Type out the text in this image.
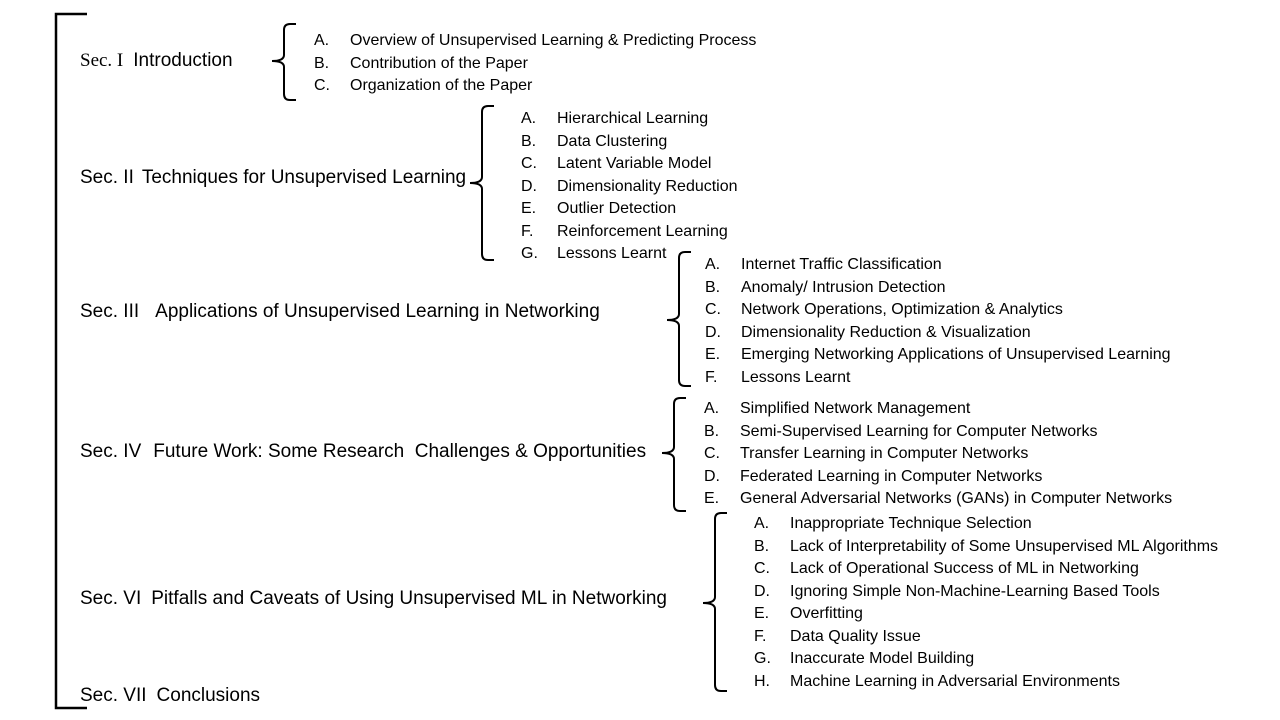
Sec. I Introduction
A. Overview of Unsupervised Learning & Predicting Process
B. Contribution of the Paper
C. Organization of the Paper
Sec. II Techniques for Unsupervised Learning
A. Hierarchical Learning
B. Data Clustering
C. Latent Variable Model
D. Dimensionality Reduction
E. Outlier Detection
F. Reinforcement Learning
G. Lessons Learnt
Sec. III Applications of Unsupervised Learning in Networking
A. Internet Traffic Classification
B. Anomaly/ Intrusion Detection
C. Network Operations, Optimization & Analytics
D. Dimensionality Reduction & Visualization
E. Emerging Networking Applications of Unsupervised Learning
F. Lessons Learnt
Sec. IV Future Work: Some Research  Challenges & Opportunities
A. Simplified Network Management
B. Semi-Supervised Learning for Computer Networks
C. Transfer Learning in Computer Networks
D. Federated Learning in Computer Networks
E. General Adversarial Networks (GANs) in Computer Networks
Sec. VI Pitfalls and Caveats of Using Unsupervised ML in Networking
A. Inappropriate Technique Selection
B. Lack of Interpretability of Some Unsupervised ML Algorithms
C. Lack of Operational Success of ML in Networking
D. Ignoring Simple Non-Machine-Learning Based Tools
E. Overfitting
F. Data Quality Issue
G. Inaccurate Model Building
H. Machine Learning in Adversarial Environments
Sec. VII Conclusions
